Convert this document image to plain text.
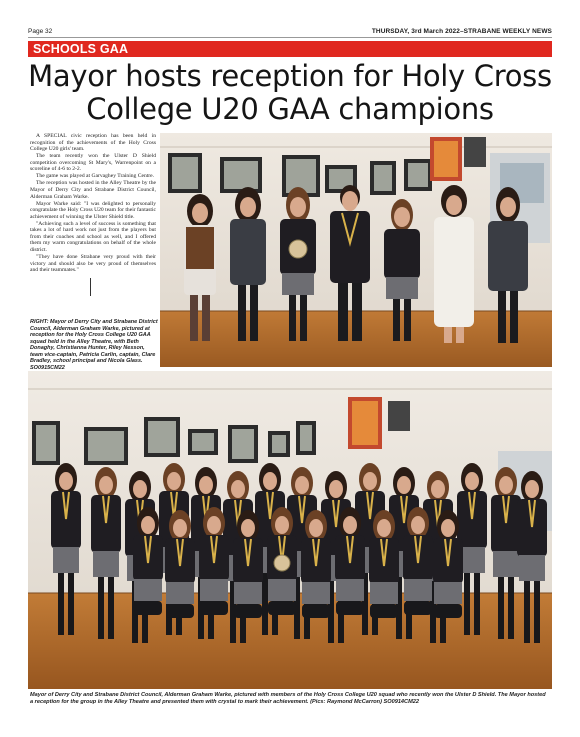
Page 32	THURSDAY, 3rd March 2022–STRABANE WEEKLY NEWS
SCHOOLS GAA
Mayor hosts reception for Holy Cross College U20 GAA champions

A SPECIAL civic reception has been held in recognition of the achievements of the Holy Cross College U20 girls' team.

The team recently won the Ulster D Shield competition overcoming St Mary's, Warrenpoint on a scoreline of 4-6 to 2-2.

The game was played at Garvaghey Training Centre.

The reception was hosted in the Alley Theatre by the Mayor of Derry City and Strabane District Council, Alderman Graham Warke.

Mayor Warke said: "I was delighted to personally congratulate the Holy Cross U20 team for their fantastic achievement of winning the Ulster Shield title.

"Achieving such a level of success is something that takes a lot of hard work not just from the players but from their coaches and school as well, and I offered them my warm congratulations on behalf of the whole district.

"They have done Strabane very proud with their victory and should also be very proud of themselves and their teammates."

RIGHT: Mayor of Derry City and Strabane District Council, Alderman Graham Warke, pictured at reception for the Holy Cross College U20 GAA squad held in the Alley Theatre, with Beth Donaghy, Christianna Hunter, Riley Nesson, team vice-captain, Patricia Carlin, captain, Clare Bradley, school principal and Nicola Glass. SO0915CM22
Mayor of Derry City and Strabane District Council, Alderman Graham Warke, pictured with members of the Holy Cross College U20 squad who recently won the Ulster D Shield. The Mayor hosted a reception for the group in the Alley Theatre and presented them with crystal to mark their achievement. (Pics: Raymond McCarron) SO0914CM22
